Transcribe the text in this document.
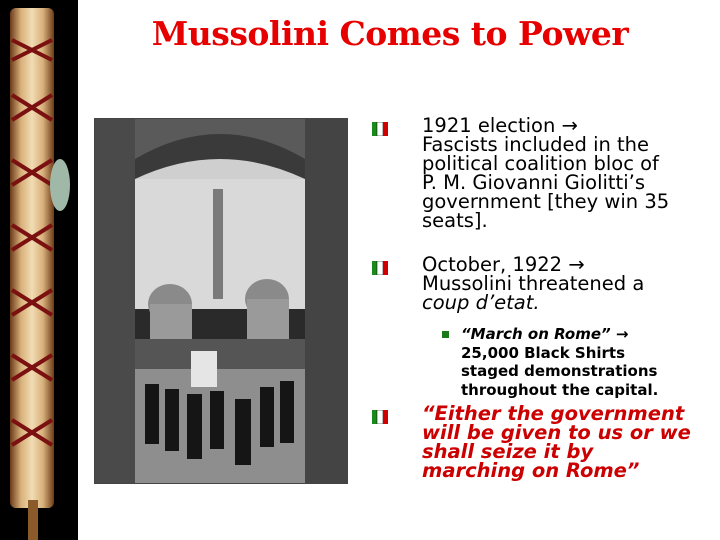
Mussolini Comes to Power
1921 election →
Fascists included in the
political coalition bloc of
P. M. Giovanni Giolitti’s
government [they win 35
seats].
October, 1922 →
Mussolini threatened a
coup d’etat.
“March on Rome” →
25,000 Black Shirts
staged demonstrations
throughout the capital.
“Either the government
will be given to us or we
shall seize it by
marching on Rome”
